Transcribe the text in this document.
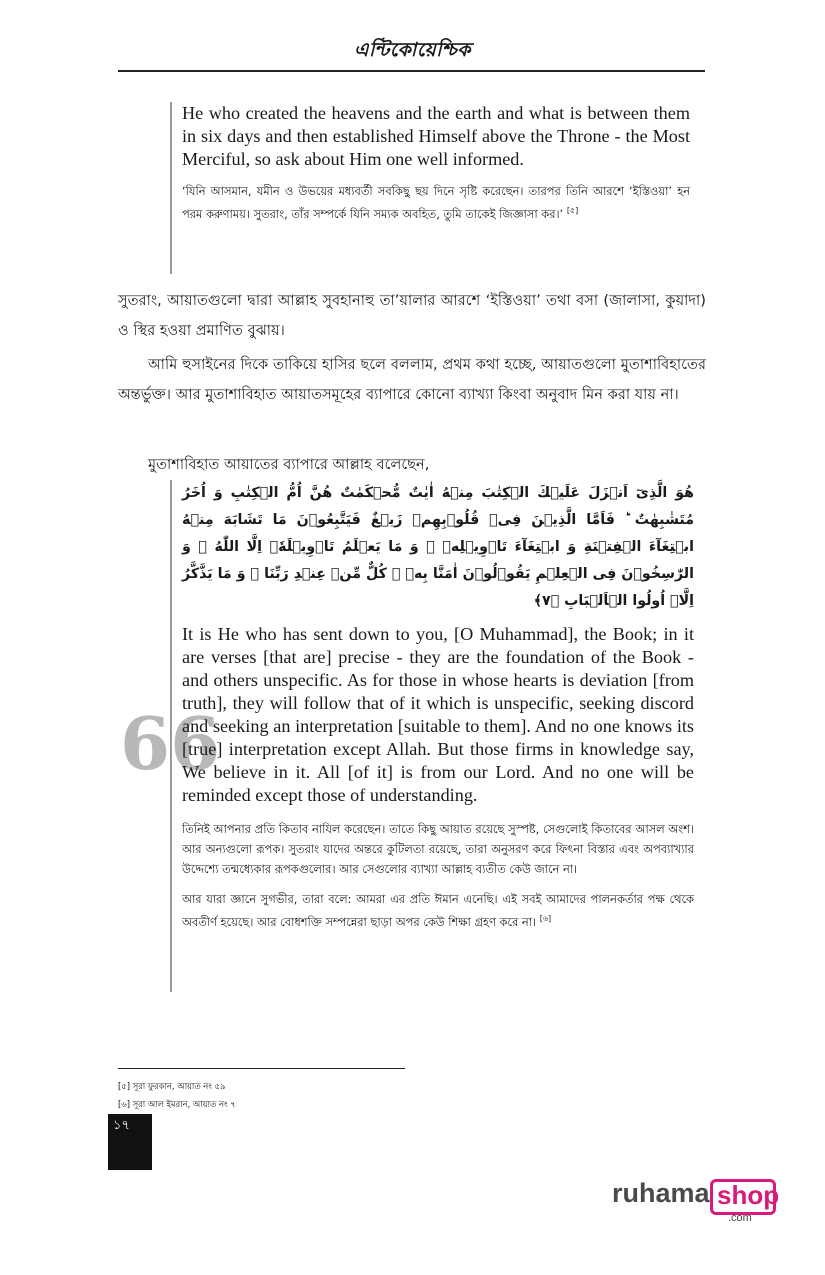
এন্টিকোয়েশ্চিক

He who created the heavens and the earth and what is between them in six days and then established Himself above the Throne - the Most Merciful, so ask about Him one well informed.

‘যিনি আসমান, যমীন ও উভয়ের মধ্যবর্তী সবকিছু ছয় দিনে সৃষ্টি করেছেন। তারপর তিনি আরশে ‘ইস্তিওয়া’ হন পরম করুণাময়। সুতরাং, তাঁর সম্পর্কে যিনি সম্যক অবহিত, তুমি তাকেই জিজ্ঞাসা কর।’ [৫]

সুতরাং, আয়াতগুলো দ্বারা আল্লাহ সুবহানাহু তা’য়ালার আরশে ‘ইস্তিওয়া’ তথা বসা (জালাসা, কুয়াদা) ও স্থির হওয়া প্রমাণিত বুঝায়।

আমি হুসাইনের দিকে তাকিয়ে হাসির ছলে বললাম, প্রথম কথা হচ্ছে, আয়াতগুলো মুতাশাবিহাতের অন্তর্ভুক্ত। আর মুতাশাবিহাত আয়াতসমূহের ব্যাপারে কোনো ব্যাখ্যা কিংবা অনুবাদ মিন করা যায় না।

মুতাশাবিহাত আয়াতের ব্যাপারে আল্লাহ বলেছেন,

66

هُوَ الَّذِىٓ اَنۡزَلَ عَلَيۡكَ الۡكِتٰبَ مِنۡهُ اٰيٰتٌ مُّحۡكَمٰتٌ هُنَّ اُمُّ الۡكِتٰبِ وَ اُخَرُ مُتَشٰبِهٰتٌ ؕ فَاَمَّا الَّذِيۡنَ فِىۡ قُلُوۡبِهِمۡ زَيۡغٌ فَيَتَّبِعُوۡنَ مَا تَشَابَهَ مِنۡهُ ابۡتِغَآءَ الۡفِتۡنَةِ وَ ابۡتِغَآءَ تَاۡوِيۡلِهٖ ۚ وَ مَا يَعۡلَمُ تَاۡوِيۡلَهٗۤ اِلَّا اللّٰهُ ۘ وَ الرّٰسِخُوۡنَ فِى الۡعِلۡمِ يَقُوۡلُوۡنَ اٰمَنَّا بِهٖ ۙ كُلٌّ مِّنۡ عِنۡدِ رَبِّنَا ۚ وَ مَا يَذَّكَّرُ اِلَّاۤ اُولُوا الۡاَلۡبَابِ ﴿۷﴾

It is He who has sent down to you, [O Muhammad], the Book; in it are verses [that are] precise - they are the foundation of the Book - and others unspecific. As for those in whose hearts is deviation [from truth], they will follow that of it which is unspecific, seeking discord and seeking an interpretation [suitable to them]. And no one knows its [true] interpretation except Allah. But those firms in knowledge say, We believe in it. All [of it] is from our Lord. And no one will be reminded except those of understanding.

তিনিই আপনার প্রতি কিতাব নাযিল করেছেন। তাতে কিছু আয়াত রয়েছে সুস্পষ্ট, সেগুলোই কিতাবের আসল অংশ। আর অন্যগুলো রূপক। সুতরাং যাদের অন্তরে কুটিলতা রয়েছে, তারা অনুসরণ করে ফিৎনা বিস্তার এবং অপব্যাখ্যার উদ্দেশ্যে তন্মধ্যেকার রূপকগুলোর। আর সেগুলোর ব্যাখ্যা আল্লাহ ব্যতীত কেউ জানে না।

আর যারা জ্ঞানে সুগভীর, তারা বলে: আমরা এর প্রতি ঈমান এনেছি। এই সবই আমাদের পালনকর্তার পক্ষ থেকে অবতীর্ণ হয়েছে। আর বোধশক্তি সম্পন্নেরা ছাড়া অপর কেউ শিক্ষা গ্রহণ করে না। [৬]

[৫] সূরা ফুরকান, আয়াত নং ৫৯
[৬] সূরা আল ইমরান, আয়াত নং ৭
১৭
ruhama shop
.com
